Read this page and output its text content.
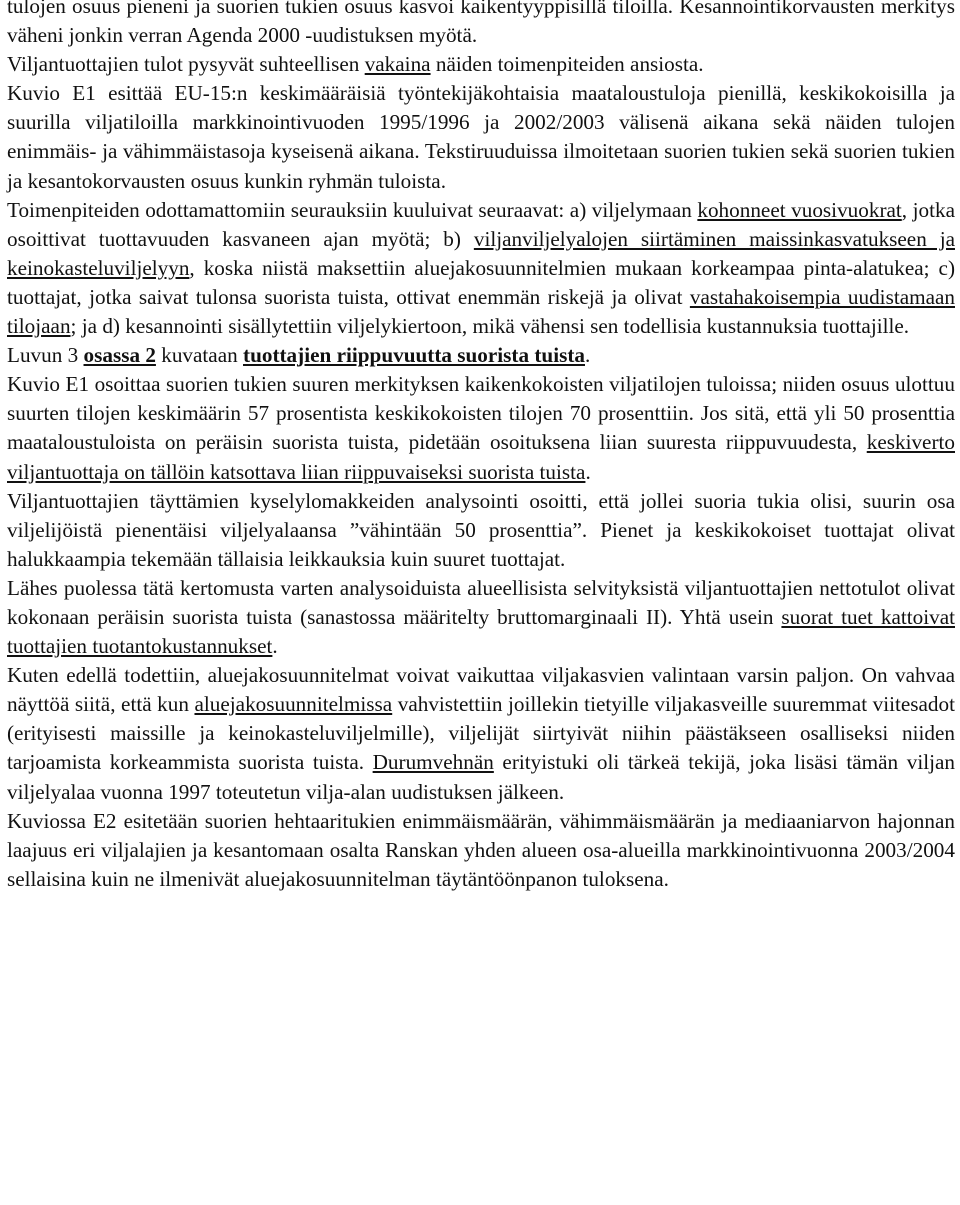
tulojen osuus pieneni ja suorien tukien osuus kasvoi kaikentyyppisillä tiloilla. Kesannointikorvausten merkitys väheni jonkin verran Agenda 2000 -uudistuksen myötä.

Viljantuottajien tulot pysyvät suhteellisen vakaina näiden toimenpiteiden ansiosta.

Kuvio E1 esittää EU-15:n keskimääräisiä työntekijäkohtaisia maataloustuloja pienillä, keskikokoisilla ja suurilla viljatiloilla markkinointivuoden 1995/1996 ja 2002/2003 välisenä aikana sekä näiden tulojen enimmäis- ja vähimmäistasoja kyseisenä aikana. Tekstiruuduissa ilmoitetaan suorien tukien sekä suorien tukien ja kesantokorvausten osuus kunkin ryhmän tuloista.

Toimenpiteiden odottamattomiin seurauksiin kuuluivat seuraavat: a) viljelymaan kohonneet vuosivuokrat, jotka osoittivat tuottavuuden kasvaneen ajan myötä; b) viljanviljelyalojen siirtäminen maissinkasvatukseen ja keinokasteluviljelyyn, koska niistä maksettiin aluejakosuunnitelmien mukaan korkeampaa pinta-alatukea; c) tuottajat, jotka saivat tulonsa suorista tuista, ottivat enemmän riskejä ja olivat vastahakoisempia uudistamaan tilojaan; ja d) kesannointi sisällytettiin viljelykiertoon, mikä vähensi sen todellisia kustannuksia tuottajille.

Luvun 3 osassa 2 kuvataan tuottajien riippuvuutta suorista tuista.

Kuvio E1 osoittaa suorien tukien suuren merkityksen kaikenkokoisten viljatilojen tuloissa; niiden osuus ulottuu suurten tilojen keskimäärin 57 prosentista keskikokoisten tilojen 70 prosenttiin. Jos sitä, että yli 50 prosenttia maataloustuloista on peräisin suorista tuista, pidetään osoituksena liian suuresta riippuvuudesta, keskiverto viljantuottaja on tällöin katsottava liian riippuvaiseksi suorista tuista.

Viljantuottajien täyttämien kyselylomakkeiden analysointi osoitti, että jollei suoria tukia olisi, suurin osa viljelijöistä pienentäisi viljelyalaansa ”vähintään 50 prosenttia”. Pienet ja keskikokoiset tuottajat olivat halukkaampia tekemään tällaisia leikkauksia kuin suuret tuottajat.

Lähes puolessa tätä kertomusta varten analysoiduista alueellisista selvityksistä viljantuottajien nettotulot olivat kokonaan peräisin suorista tuista (sanastossa määritelty bruttomarginaali II). Yhtä usein suorat tuet kattoivat tuottajien tuotantokustannukset.

Kuten edellä todettiin, aluejakosuunnitelmat voivat vaikuttaa viljakasvien valintaan varsin paljon. On vahvaa näyttöä siitä, että kun aluejakosuunnitelmissa vahvistettiin joillekin tietyille viljakasveille suuremmat viitesadot (erityisesti maissille ja keinokasteluviljelmille), viljelijät siirtyivät niihin päästäkseen osalliseksi niiden tarjoamista korkeammista suorista tuista. Durumvehnän erityistuki oli tärkeä tekijä, joka lisäsi tämän viljan viljelyalaa vuonna 1997 toteutetun vilja-alan uudistuksen jälkeen.

Kuviossa E2 esitetään suorien hehtaaritukien enimmäismäärän, vähimmäismäärän ja mediaaniarvon hajonnan laajuus eri viljalajien ja kesantomaan osalta Ranskan yhden alueen osa-alueilla markkinointivuonna 2003/2004 sellaisina kuin ne ilmenivät aluejakosuunnitelman täytäntöönpanon tuloksena.
